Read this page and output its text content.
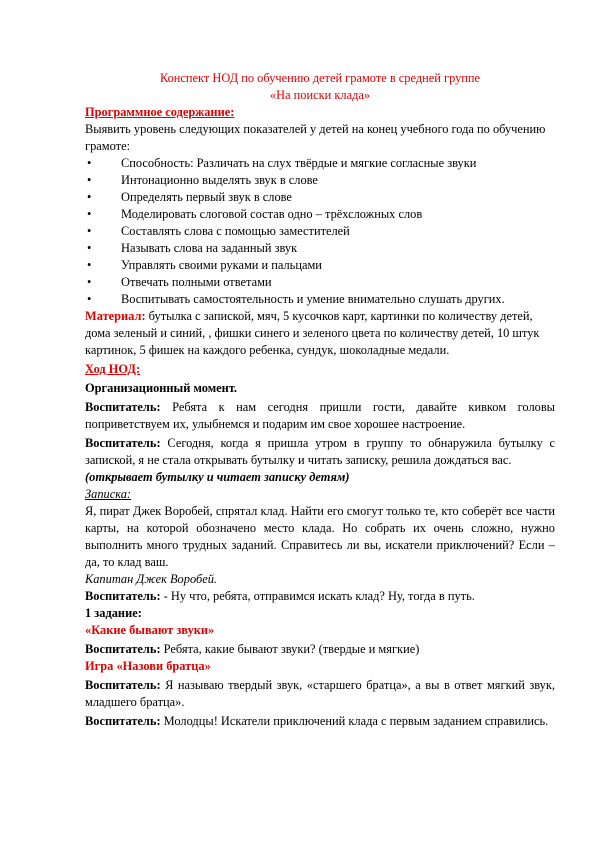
Конспект НОД по обучению детей грамоте в средней группе

«На поиски клада»

Программное содержание:

Выявить уровень следующих показателей у детей на конец учебного года по обучению грамоте:

• Способность: Различать на слух твёрдые и мягкие согласные звуки
• Интонационно выделять звук в слове
• Определять первый звук в слове
• Моделировать слоговой состав одно – трёхсложных слов
• Составлять слова с помощью заместителей
• Называть слова на заданный звук
• Управлять своими руками и пальцами
• Отвечать полными ответами
• Воспитывать самостоятельность и умение внимательно слушать других.

Материал: бутылка с запиской, мяч, 5 кусочков карт, картинки по количеству детей, дома зеленый и синий, , фишки синего и зеленого цвета по количеству детей, 10 штук картинок, 5 фишек на каждого ребенка, сундук, шоколадные медали.

Ход НОД:

Организационный момент.

Воспитатель: Ребята к нам сегодня пришли гости, давайте кивком головы поприветствуем их, улыбнемся и подарим им свое хорошее настроение.

Воспитатель: Сегодня, когда я пришла утром в группу то обнаружила бутылку с запиской, я не стала открывать бутылку и читать записку, решила дождаться вас.

(открывает бутылку и читает записку детям)

Записка:

Я, пират Джек Воробей, спрятал клад. Найти его смогут только те, кто соберёт все части карты, на которой обозначено место клада. Но собрать их очень сложно, нужно выполнить много трудных заданий. Справитесь ли вы, искатели приключений? Если – да, то клад ваш.

Капитан Джек Воробей.

Воспитатель: - Ну что, ребята, отправимся искать клад? Ну, тогда в путь.

1 задание:

«Какие бывают звуки»

Воспитатель: Ребята, какие бывают звуки? (твердые и мягкие)

Игра «Назови братца»

Воспитатель: Я называю твердый звук, «старшего братца», а вы в ответ мягкий звук, младшего братца».

Воспитатель: Молодцы! Искатели приключений клада с первым заданием справились.
